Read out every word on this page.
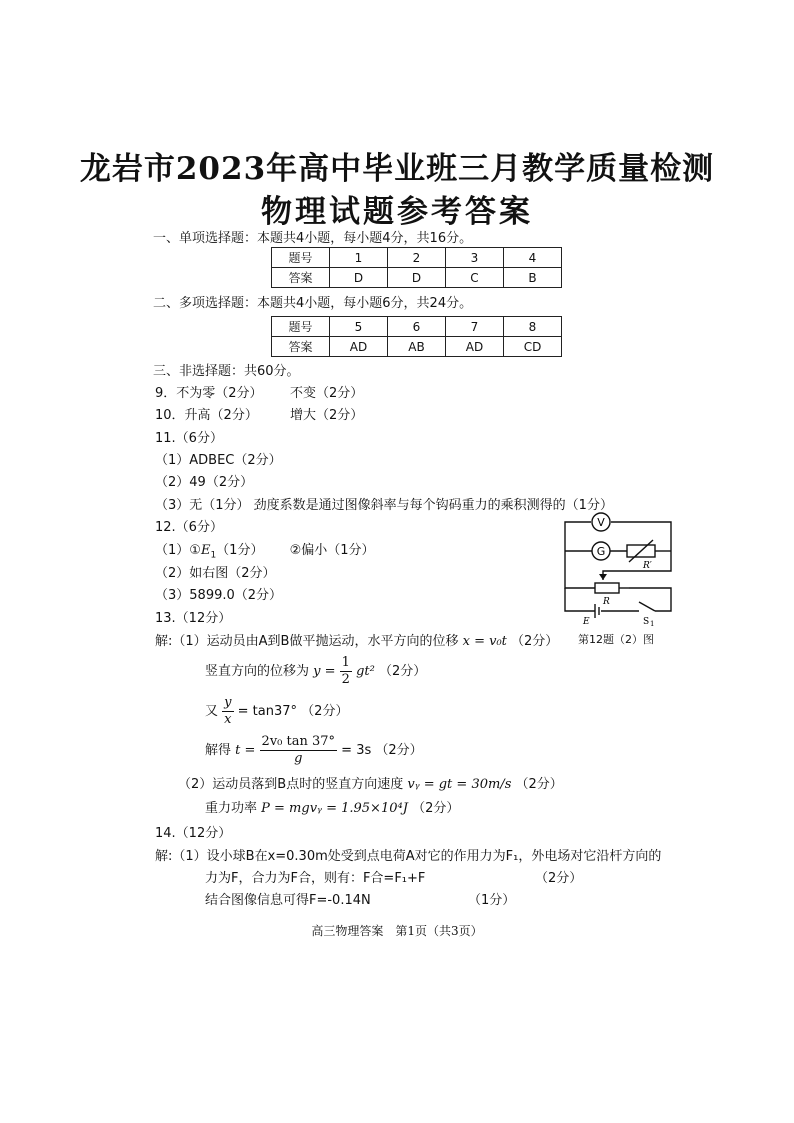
龙岩市2023年高中毕业班三月教学质量检测
物理试题参考答案
一、单项选择题：本题共4小题，每小题4分，共16分。
题号	1	2	3	4
答案	D	D	C	B
二、多项选择题：本题共4小题，每小题6分，共24分。
题号	5	6	7	8
答案	AD	AB	AD	CD
三、非选择题：共60分。
9．不为零（2分） 不变（2分）
10．升高（2分） 增大（2分）
11.（6分）
（1）ADBEC（2分）
（2）49（2分）
（3）无（1分） 劲度系数是通过图像斜率与每个钩码重力的乘积测得的（1分）
12.（6分）
$(1)①E_1(1$分） ②偏小（1分）
（2）如右图（2分）
（3）5899.0（2分）
V
G
R′
R
E	S 1
第12题（2）图
13.（12分）
解:（1）运动员由A到B做平抛运动，水平方向的位移 x = v₀t （2分）
竖直方向的位移为 $y = \frac{1}{2} gt^2$ （2分）
又 $\frac{y}{x} = \tan 37^\circ$ （2分）
解得 $t = \frac{\text{2v₀ tan 37°}}{g} = 3s$ （2分）
（2）运动员落到B点时的竖直方向速度 vᵧ = gt = 30m/s （2分）
重力功率 P = mgvᵧ = 1.95×10⁴J （2分）
14.（12分）
解:（1）设小球B在x=0.30m处受到点电荷A对它的作用力为F₁，外电场对它沿杆方向的
力为F，合力为F合，则有：F合=F₁+F	（2分）
结合图像信息可得F=-0.14N	（1分）
高三物理答案　第1页（共3页）
